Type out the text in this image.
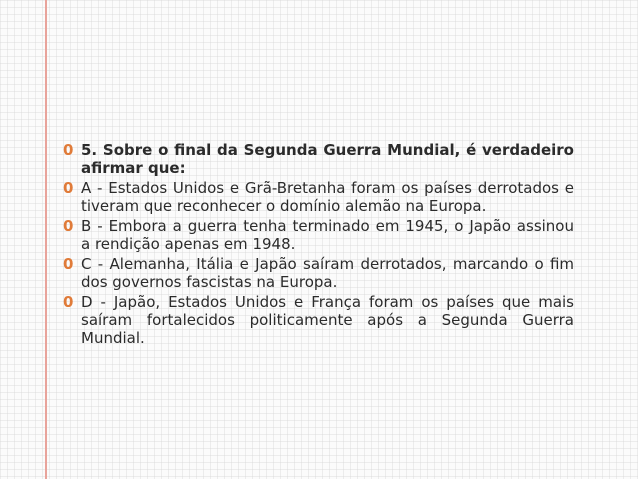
0 5. Sobre o final da Segunda Guerra Mundial, é verdadeiro afirmar que:
0 A - Estados Unidos e Grã-Bretanha foram os países derrotados e tiveram que reconhecer o domínio alemão na Europa.
0 B - Embora a guerra tenha terminado em 1945, o Japão assinou a rendição apenas em 1948.
0 C - Alemanha, Itália e Japão saíram derrotados, marcando o fim dos governos fascistas na Europa.
0 D - Japão, Estados Unidos e França foram os países que mais saíram fortalecidos politicamente após a Segunda Guerra Mundial.
